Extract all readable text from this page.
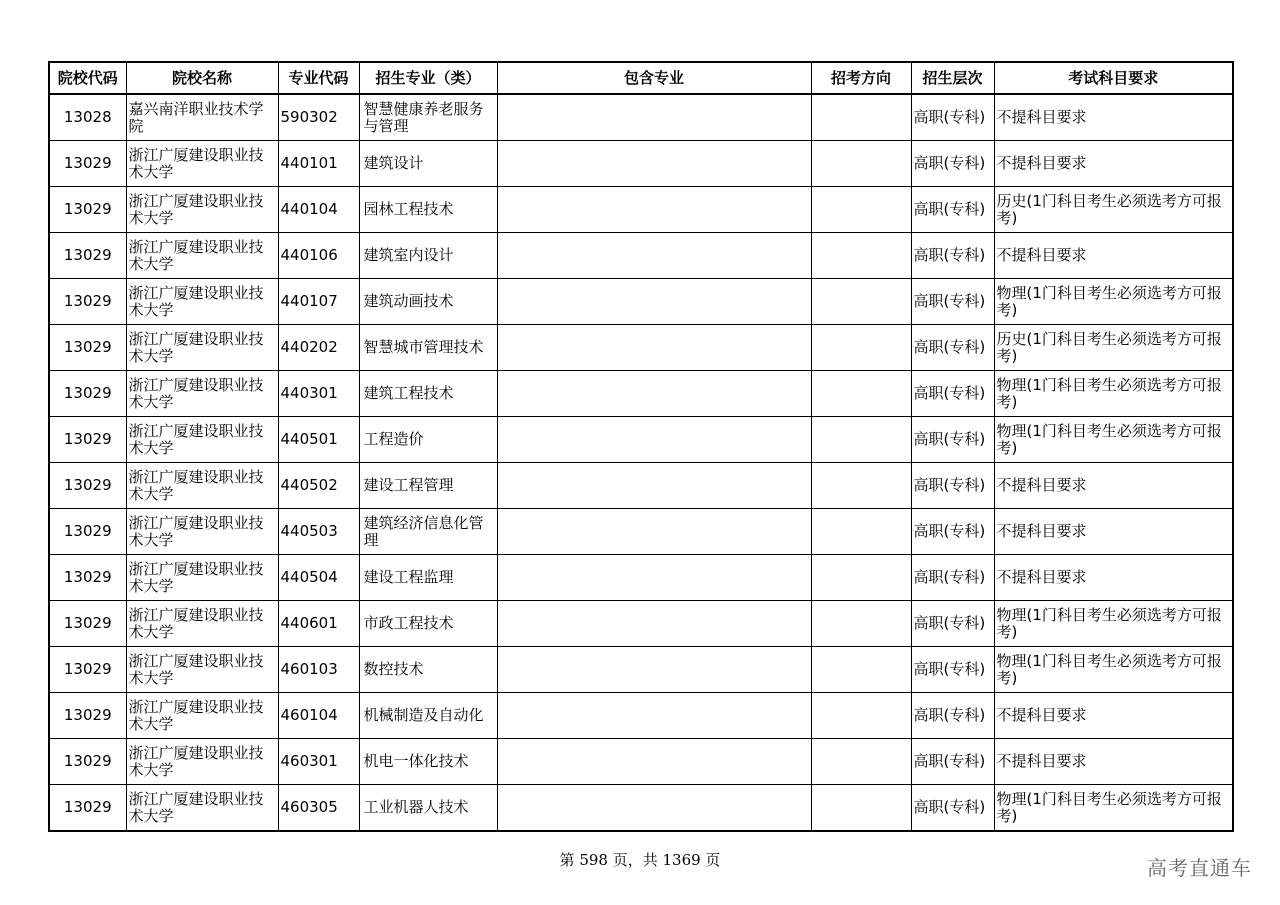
院校代码	院校名称	专业代码	招生专业（类）	包含专业	招考方向	招生层次	考试科目要求
13028	嘉兴南洋职业技术学院	590302	智慧健康养老服务与管理			高职(专科)	不提科目要求
13029	浙江广厦建设职业技术大学	440101	建筑设计			高职(专科)	不提科目要求
13029	浙江广厦建设职业技术大学	440104	园林工程技术			高职(专科)	历史(1门科目考生必须选考方可报考)
13029	浙江广厦建设职业技术大学	440106	建筑室内设计			高职(专科)	不提科目要求
13029	浙江广厦建设职业技术大学	440107	建筑动画技术			高职(专科)	物理(1门科目考生必须选考方可报考)
13029	浙江广厦建设职业技术大学	440202	智慧城市管理技术			高职(专科)	历史(1门科目考生必须选考方可报考)
13029	浙江广厦建设职业技术大学	440301	建筑工程技术			高职(专科)	物理(1门科目考生必须选考方可报考)
13029	浙江广厦建设职业技术大学	440501	工程造价			高职(专科)	物理(1门科目考生必须选考方可报考)
13029	浙江广厦建设职业技术大学	440502	建设工程管理			高职(专科)	不提科目要求
13029	浙江广厦建设职业技术大学	440503	建筑经济信息化管理			高职(专科)	不提科目要求
13029	浙江广厦建设职业技术大学	440504	建设工程监理			高职(专科)	不提科目要求
13029	浙江广厦建设职业技术大学	440601	市政工程技术			高职(专科)	物理(1门科目考生必须选考方可报考)
13029	浙江广厦建设职业技术大学	460103	数控技术			高职(专科)	物理(1门科目考生必须选考方可报考)
13029	浙江广厦建设职业技术大学	460104	机械制造及自动化			高职(专科)	不提科目要求
13029	浙江广厦建设职业技术大学	460301	机电一体化技术			高职(专科)	不提科目要求
13029	浙江广厦建设职业技术大学	460305	工业机器人技术			高职(专科)	物理(1门科目考生必须选考方可报考)
第 598 页，共 1369 页	高考直通车
